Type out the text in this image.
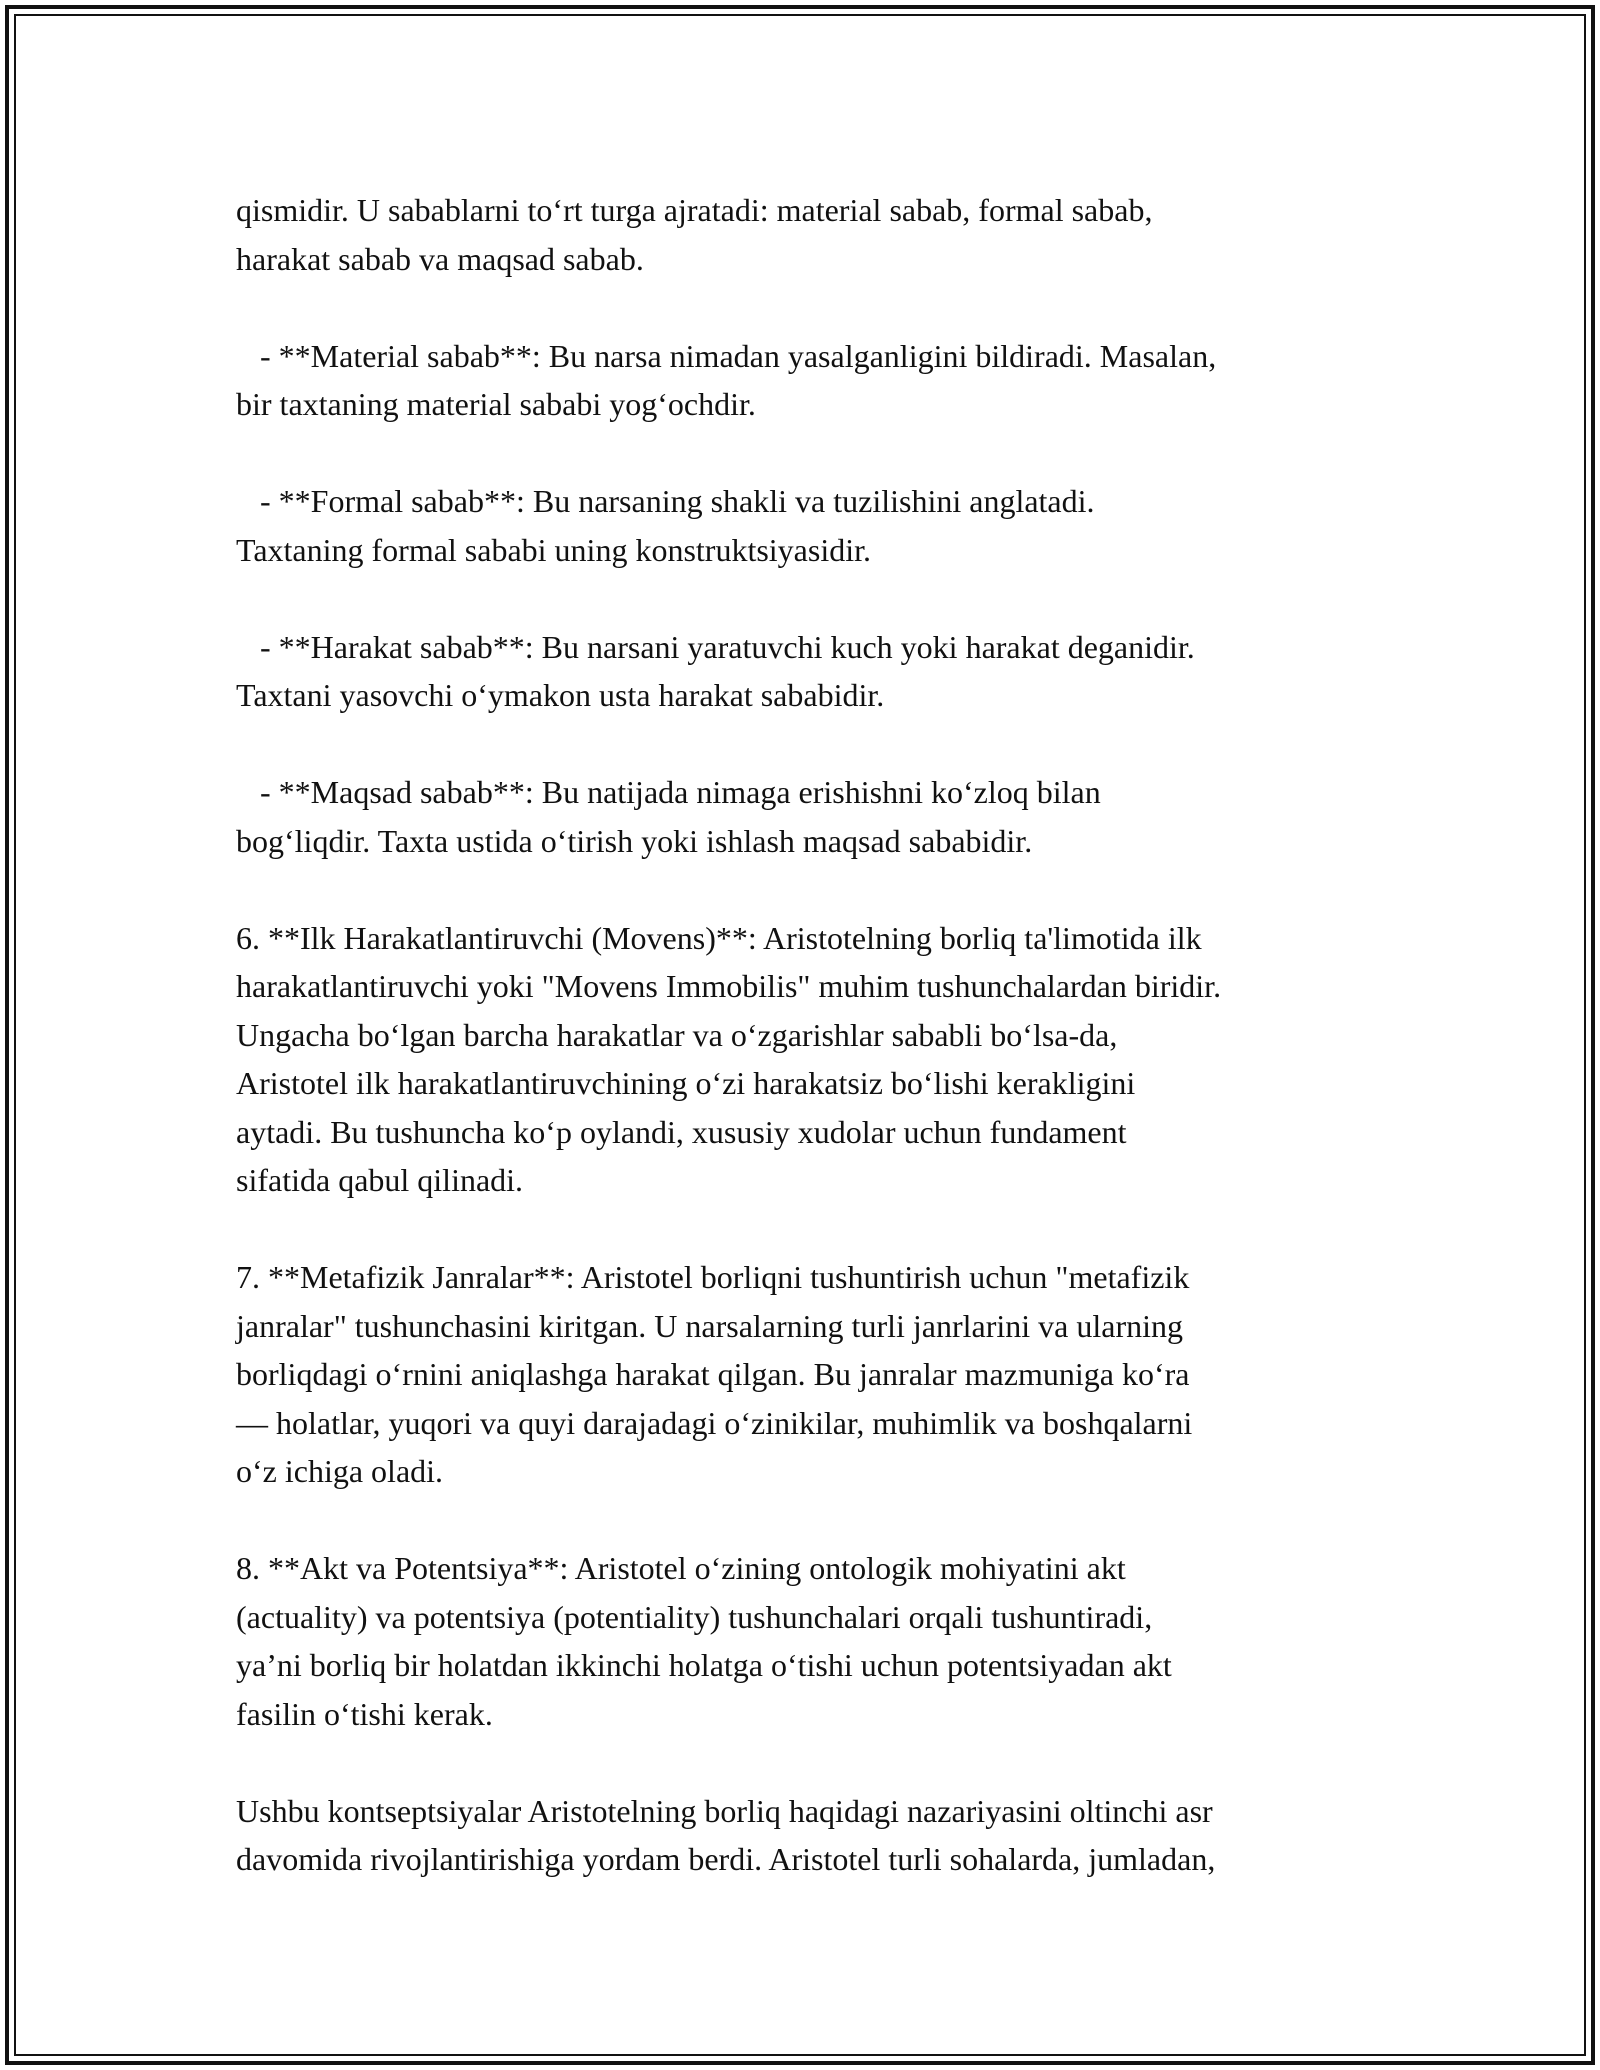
qismidir. U sabablarni to‘rt turga ajratadi: material sabab, formal sabab,
harakat sabab va maqsad sabab.
- **Material sabab**: Bu narsa nimadan yasalganligini bildiradi. Masalan,
bir taxtaning material sababi yog‘ochdir.
- **Formal sabab**: Bu narsaning shakli va tuzilishini anglatadi.
Taxtaning formal sababi uning konstruktsiyasidir.
- **Harakat sabab**: Bu narsani yaratuvchi kuch yoki harakat deganidir.
Taxtani yasovchi o‘ymakon usta harakat sababidir.
- **Maqsad sabab**: Bu natijada nimaga erishishni ko‘zloq bilan
bog‘liqdir. Taxta ustida o‘tirish yoki ishlash maqsad sababidir.
6. **Ilk Harakatlantiruvchi (Movens)**: Aristotelning borliq ta'limotida ilk
harakatlantiruvchi yoki "Movens Immobilis" muhim tushunchalardan biridir.
Ungacha bo‘lgan barcha harakatlar va o‘zgarishlar sababli bo‘lsa-da,
Aristotel ilk harakatlantiruvchining o‘zi harakatsiz bo‘lishi kerakligini
aytadi. Bu tushuncha ko‘p oylandi, xususiy xudolar uchun fundament
sifatida qabul qilinadi.
7. **Metafizik Janralar**: Aristotel borliqni tushuntirish uchun "metafizik
janralar" tushunchasini kiritgan. U narsalarning turli janrlarini va ularning
borliqdagi o‘rnini aniqlashga harakat qilgan. Bu janralar mazmuniga ko‘ra
— holatlar, yuqori va quyi darajadagi o‘zinikilar, muhimlik va boshqalarni
o‘z ichiga oladi.
8. **Akt va Potentsiya**: Aristotel o‘zining ontologik mohiyatini akt
(actuality) va potentsiya (potentiality) tushunchalari orqali tushuntiradi,
ya’ni borliq bir holatdan ikkinchi holatga o‘tishi uchun potentsiyadan akt
fasilin o‘tishi kerak.
Ushbu kontseptsiyalar Aristotelning borliq haqidagi nazariyasini oltinchi asr
davomida rivojlantirishiga yordam berdi. Aristotel turli sohalarda, jumladan,
